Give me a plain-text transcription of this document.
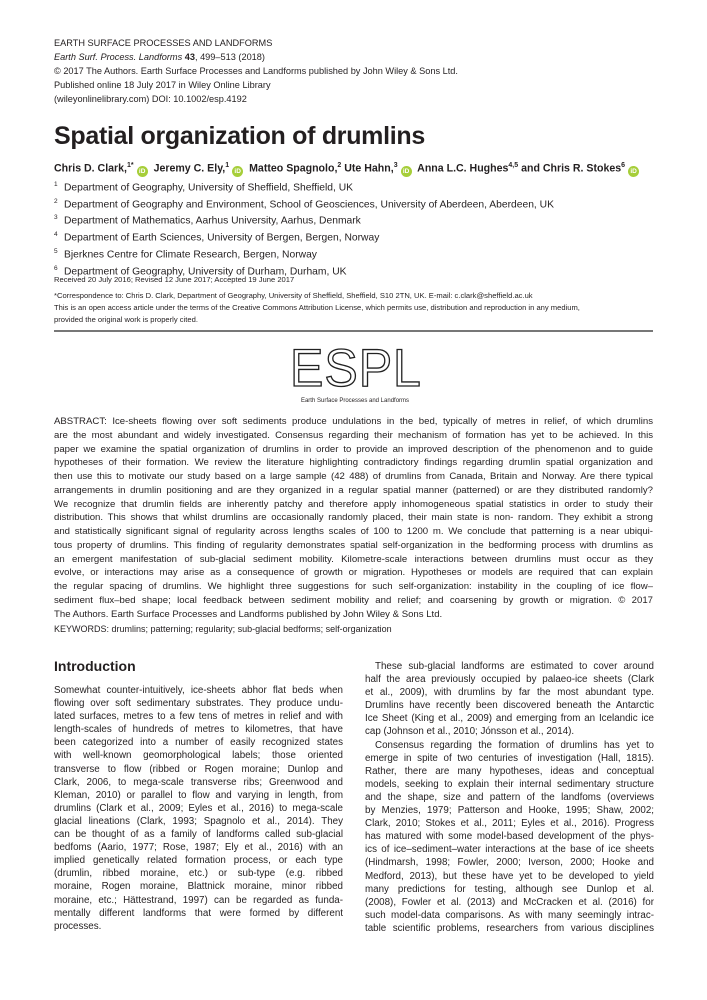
EARTH SURFACE PROCESSES AND LANDFORMS
Earth Surf. Process. Landforms 43, 499–513 (2018)
© 2017 The Authors. Earth Surface Processes and Landforms published by John Wiley & Sons Ltd.
Published online 18 July 2017 in Wiley Online Library
(wileyonlinelibrary.com) DOI: 10.1002/esp.4192
Spatial organization of drumlins
Chris D. Clark,$^{1*}$iD Jeremy C. Ely,$^1$iD Matteo Spagnolo,$^2$ Ute Hahn,$^3$iD Anna L.C. Hughes$^{4,5}$ and Chris R. Stokes$^6$iD
$^1$ Department of Geography, University of Sheffield, Sheffield, UK
$^2$ Department of Geography and Environment, School of Geosciences, University of Aberdeen, Aberdeen, UK
$^3$ Department of Mathematics, Aarhus University, Aarhus, Denmark
$^4$ Department of Earth Sciences, University of Bergen, Bergen, Norway
$^5$ Bjerknes Centre for Climate Research, Bergen, Norway
$^6$ Department of Geography, University of Durham, Durham, UK
Received 20 July 2016; Revised 12 June 2017; Accepted 19 June 2017
*Correspondence to: Chris D. Clark, Department of Geography, University of Sheffield, Sheffield, S10 2TN, UK. E-mail: c.clark@sheffield.ac.uk
This is an open access article under the terms of the Creative Commons Attribution License, which permits use, distribution and reproduction in any medium,
provided the original work is properly cited.
ESPL
Earth Surface Processes and Landforms
ABSTRACT: Ice-sheets flowing over soft sediments produce undulations in the bed, typically of metres in relief, of which drumlins
are the most abundant and widely investigated. Consensus regarding their mechanism of formation has yet to be achieved. In this
paper we examine the spatial organization of drumlins in order to provide an improved description of the phenomenon and to guide
hypotheses of their formation. We review the literature highlighting contradictory findings regarding drumlin spatial organization and
then use this to motivate our study based on a large sample (42 488) of drumlins from Canada, Britain and Norway. Are there typical
arrangements in drumlin positioning and are they organized in a regular spatial manner (patterned) or are they distributed randomly?
We recognize that drumlin fields are inherently patchy and therefore apply inhomogeneous spatial statistics in order to study their
distribution. This shows that whilst drumlins are occasionally randomly placed, their main state is non- random. They exhibit a strong
and statistically significant signal of regularity across lengths scales of 100 to 1200 m. We conclude that patterning is a near ubiqui-
tous property of drumlins. This finding of regularity demonstrates spatial self-organization in the bedforming process with drumlins as
an emergent manifestation of sub-glacial sediment mobility. Kilometre-scale interactions between drumlins must occur as they
evolve, or interactions may arise as a consequence of growth or migration. Hypotheses or models are required that can explain
the regular spacing of drumlins. We highlight three suggestions for such self-organization: instability in the coupling of ice flow–
sediment flux–bed shape; local feedback between sediment mobility and relief; and coarsening by growth or migration. © 2017
The Authors. Earth Surface Processes and Landforms published by John Wiley & Sons Ltd.
KEYWORDS: drumlins; patterning; regularity; sub-glacial bedforms; self-organization
Introduction
Somewhat counter-intuitively, ice-sheets abhor flat beds when
flowing over soft sedimentary substrates. They produce undu-
lated surfaces, metres to a few tens of metres in relief and with
length-scales of hundreds of metres to kilometres, that have
been categorized into a number of easily recognized states
with well-known geomorphological labels; those oriented
transverse to flow (ribbed or Rogen moraine; Dunlop and
Clark, 2006, to mega-scale transverse ribs; Greenwood and
Kleman, 2010) or parallel to flow and varying in length, from
drumlins (Clark et al., 2009; Eyles et al., 2016) to mega-scale
glacial lineations (Clark, 1993; Spagnolo et al., 2014). They
can be thought of as a family of landforms called sub-glacial
bedfoms (Aario, 1977; Rose, 1987; Ely et al., 2016) with an
implied genetically related formation process, or each type
(drumlin, ribbed moraine, etc.) or sub-type (e.g. ribbed
moraine, Rogen moraine, Blattnick moraine, minor ribbed
moraine, etc.; Hättestrand, 1997) can be regarded as funda-
mentally different landforms that were formed by different
processes.
These sub-glacial landforms are estimated to cover around
half the area previously occupied by palaeo-ice sheets (Clark
et al., 2009), with drumlins by far the most abundant type.
Drumlins have recently been discovered beneath the Antarctic
Ice Sheet (King et al., 2009) and emerging from an Icelandic ice
cap (Johnson et al., 2010; Jónsson et al., 2014).
Consensus regarding the formation of drumlins has yet to
emerge in spite of two centuries of investigation (Hall, 1815).
Rather, there are many hypotheses, ideas and conceptual
models, seeking to explain their internal sedimentary structure
and the shape, size and pattern of the landfoms (overviews
by Menzies, 1979; Patterson and Hooke, 1995; Shaw, 2002;
Clark, 2010; Stokes et al., 2011; Eyles et al., 2016). Progress
has matured with some model-based development of the phys-
ics of ice–sediment–water interactions at the base of ice sheets
(Hindmarsh, 1998; Fowler, 2000; Iverson, 2000; Hooke and
Medford, 2013), but these have yet to be developed to yield
many predictions for testing, although see Dunlop et al.
(2008), Fowler et al. (2013) and McCracken et al. (2016) for
such model-data comparisons. As with many seemingly intrac-
table scientific problems, researchers from various disciplines
